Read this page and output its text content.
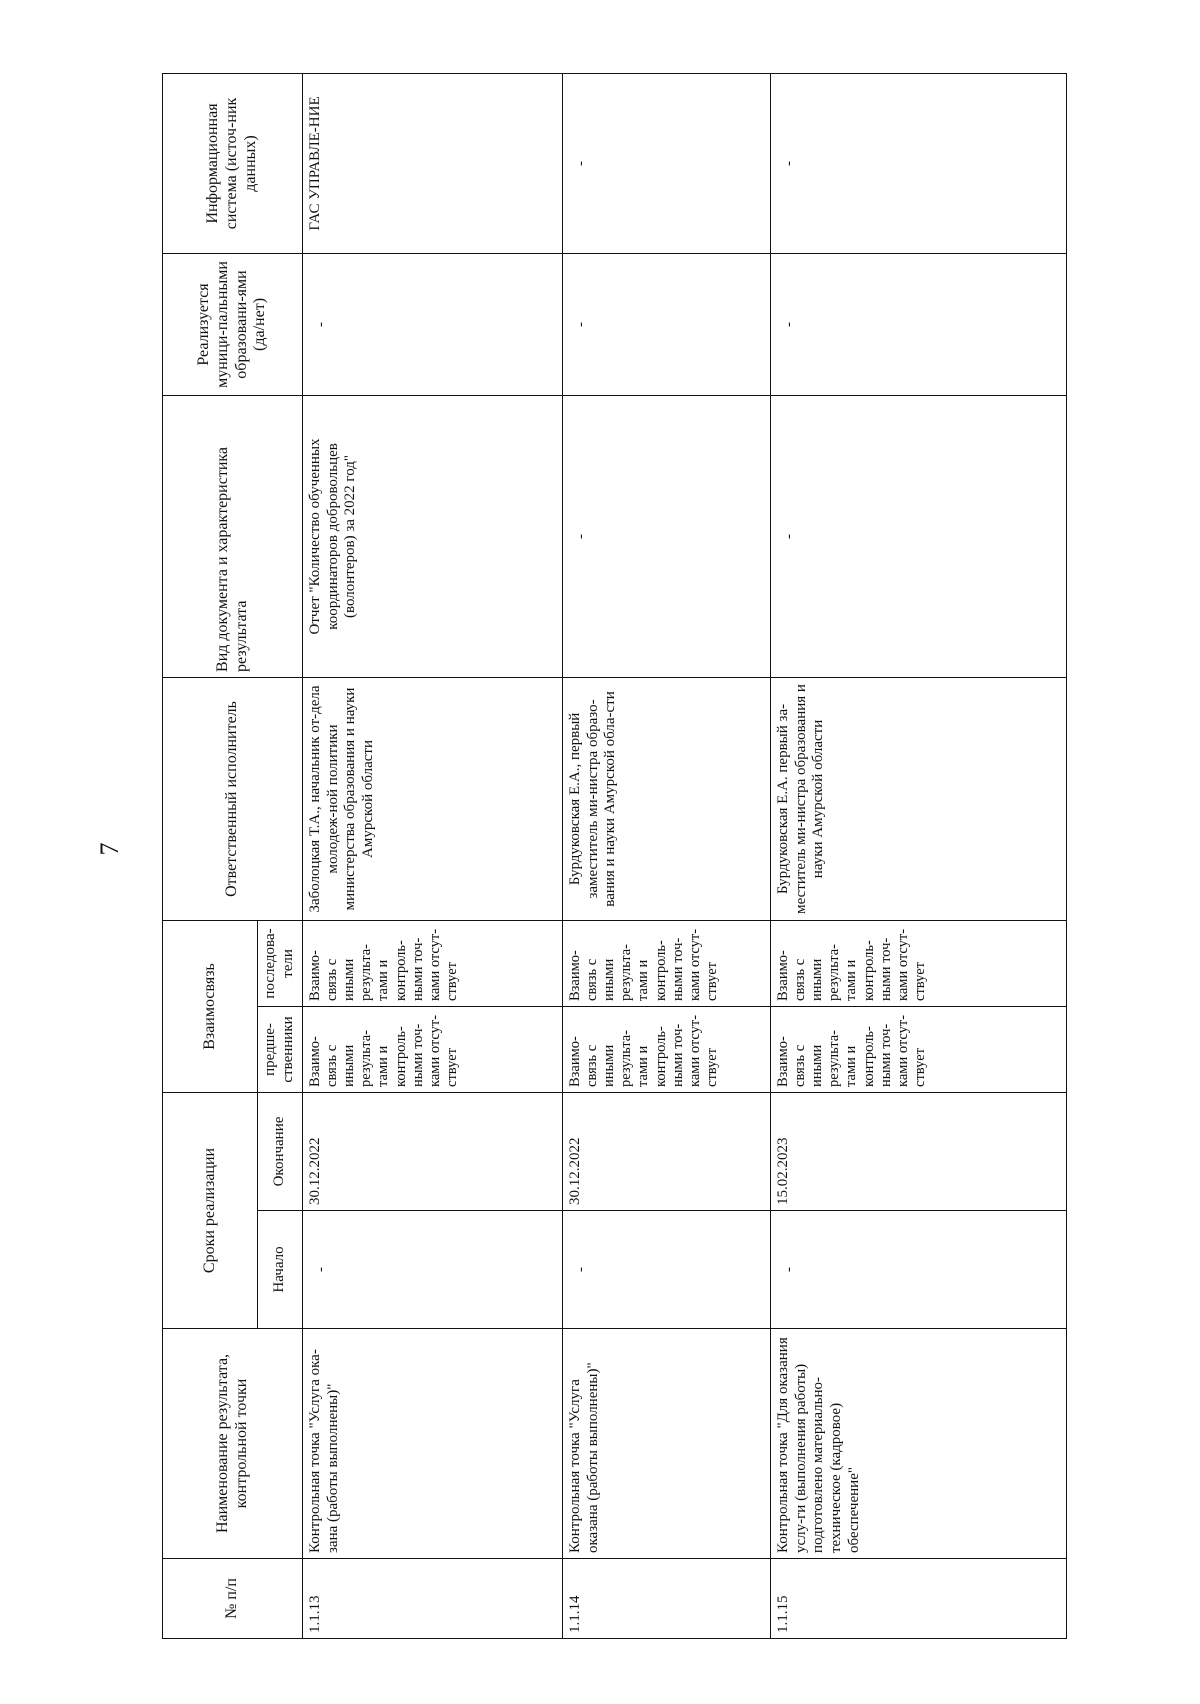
7
№ п/п	Наименование результата, контрольной точки	Сроки реализации		Взаимосвязь		Ответственный исполнитель	Вид документа и характеристика результата	Реализуется муници-пальными образовани-ями (да/нет)	Информационная система (источ-ник данных)
		Начало	Окончание	предше-ственники	последова-тели				
1.1.13	Контрольная точка "Услуга ока- зана (работы выполнены)"	-	30.12.2022	Взаимо-связь с иными результа-тами и контроль-ными точ-ками отсут-ствует	Взаимо-связь с иными результа-тами и контроль-ными точ-ками отсут-ствует	Заболоцкая Т.А., начальник от-дела молодеж-ной политики министерства образования и науки Амурской области	Отчет "Количество обученных координаторов добровольцев (волонтеров) за 2022 год"	-	ГАС УПРАВЛЕ-НИЕ
1.1.14	Контрольная точка "Услуга оказана (работы выполнены)"	-	30.12.2022	Взаимо-связь с иными результа-тами и контроль-ными точ-ками отсут-ствует	Взаимо-связь с иными результа-тами и контроль-ными точ-ками отсут-ствует	Бурдуковская Е.А., первый заместитель ми-нистра образо-вания и науки Амурской обла-сти	-	-	-
1.1.15	Контрольная точка "Для оказания услу-ги (выполнения работы) подготовлено материально-техническое (кадровое) обеспечение"	-	15.02.2023	Взаимо-связь с иными результа-тами и контроль-ными точ-ками отсут-ствует	Взаимо-связь с иными результа-тами и контроль-ными точ-ками отсут-ствует	Бурдуковская Е.А. первый за-меститель ми-нистра образования и науки Амурской области	-	-	-
